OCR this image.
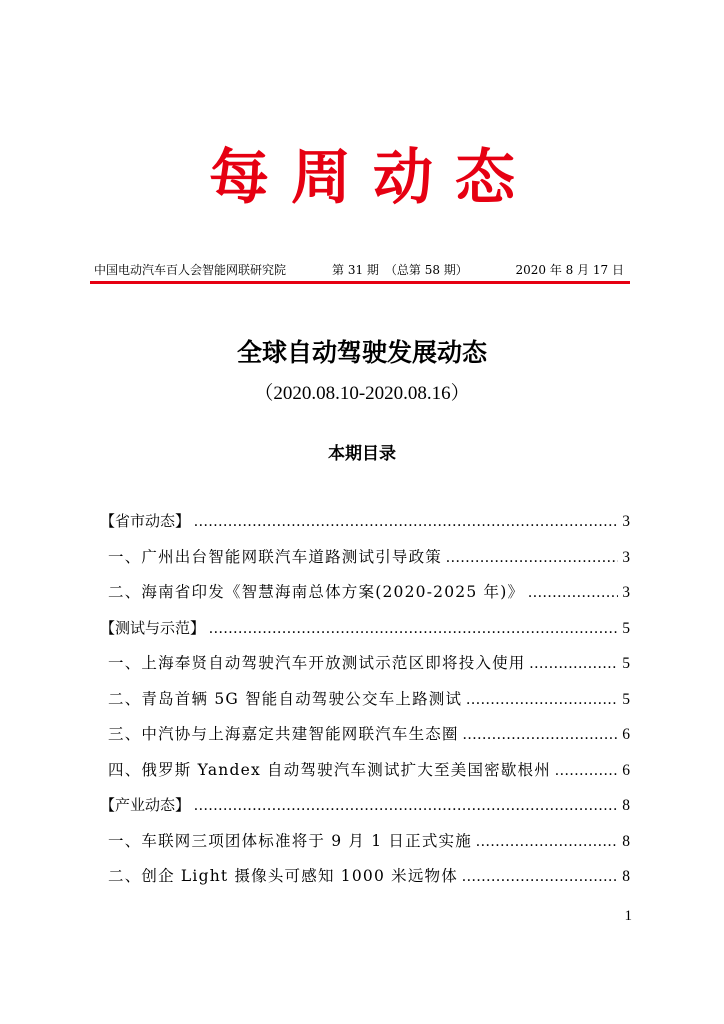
每周动态
中国电动汽车百人会智能网联研究院	第 31 期　（总第 58 期）	2020 年 8 月 17 日
全球自动驾驶发展动态
（2020.08.10-2020.08.16）
本期目录
【省市动态】 .....	3
一、广州出台智能网联汽车道路测试引导政策 .....	3
二、海南省印发《智慧海南总体方案(2020-2025 年)》 .....	3
【测试与示范】 .....	5
一、上海奉贤自动驾驶汽车开放测试示范区即将投入使用 .....	5
二、青岛首辆 5G 智能自动驾驶公交车上路测试 .....	5
三、中汽协与上海嘉定共建智能网联汽车生态圈 .....	6
四、俄罗斯 Yandex 自动驾驶汽车测试扩大至美国密歇根州 .....	6
【产业动态】 .....	8
一、车联网三项团体标准将于 9 月 1 日正式实施 .....	8
二、创企 Light 摄像头可感知 1000 米远物体 .....	8
1
